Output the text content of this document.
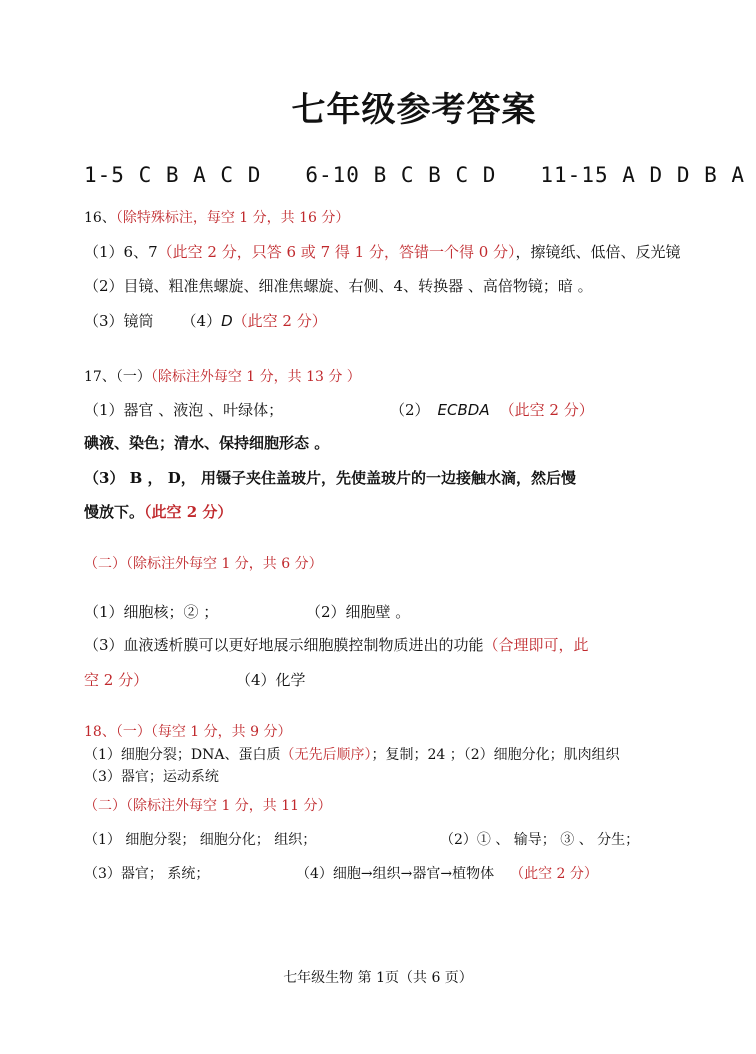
七年级参考答案
1-5 C B A C D 6-10 B C B C D 11-15 A D D B A
16、（除特殊标注，每空 1 分，共 16 分）
（1）6、7（此空 2 分，只答 6 或 7 得 1 分，答错一个得 0 分），擦镜纸、低倍、反光镜
（2）目镜、粗准焦螺旋、细准焦螺旋、右侧、4、转换器 、高倍物镜；暗 。
（3）镜筒 （4）D（此空 2 分）
17、（一）（除标注外每空 1 分，共 13 分 ）
（1）器官 、液泡 、叶绿体；	（2） ECBDA （此空 2 分）
碘液、染色；清水、保持细胞形态 。
（3） B ， D， 用镊子夹住盖玻片，先使盖玻片的一边接触水滴，然后慢
慢放下。（此空 2 分）
（二）（除标注外每空 1 分，共 6 分）
（1）细胞核；② ；	（2）细胞壁 。
（3）血液透析膜可以更好地展示细胞膜控制物质进出的功能（合理即可，此
空 2 分）	（4）化学
18、（一）（每空 1 分，共 9 分）
（1）细胞分裂；DNA、蛋白质（无先后顺序）；复制；24 ；（2）细胞分化；肌肉组织
（3）器官；运动系统
（二）（除标注外每空 1 分，共 11 分）
（1） 细胞分裂； 细胞分化； 组织；	（2）① 、 输导； ③ 、 分生；
（3）器官； 系统；	（4）细胞→组织→器官→植物体 （此空 2 分）
七年级生物 第 1页（共 6 页）
